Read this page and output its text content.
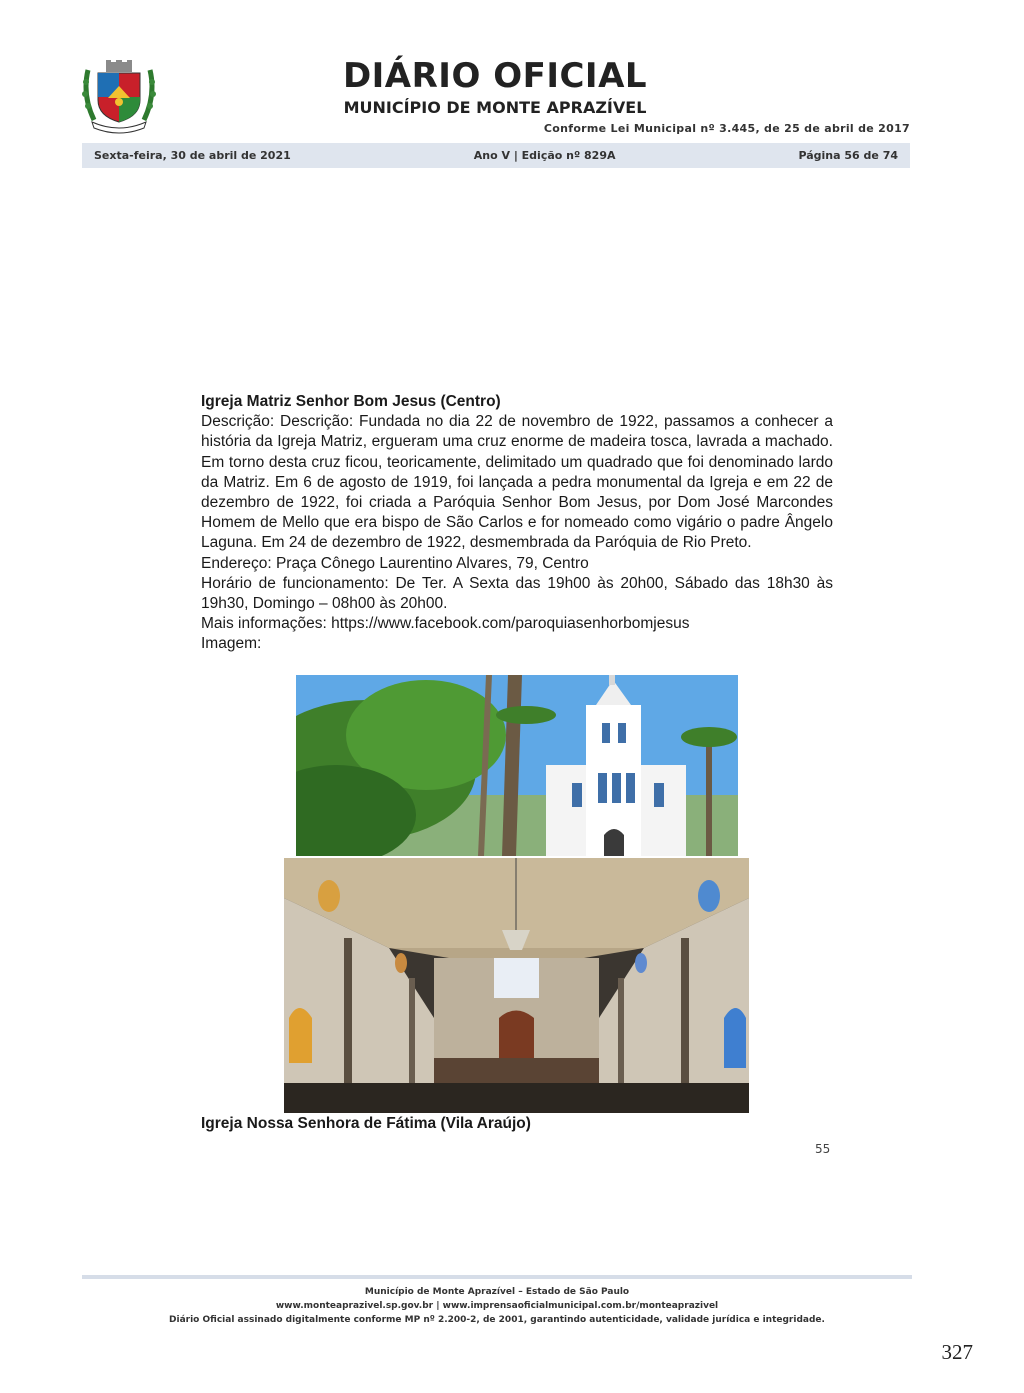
DIÁRIO OFICIAL
MUNICÍPIO DE MONTE APRAZÍVEL
Conforme Lei Municipal nº 3.445, de 25 de abril de 2017
Sexta-feira, 30 de abril de 2021	Ano V | Edição nº 829A	Página 56 de 74
Igreja Matriz Senhor Bom Jesus (Centro)
Descrição: Descrição: Fundada no dia 22 de novembro de 1922, passamos a conhecer a história da Igreja Matriz, ergueram uma cruz enorme de madeira tosca, lavrada a machado. Em torno desta cruz ficou, teoricamente, delimitado um quadrado que foi denominado lardo da Matriz. Em 6 de agosto de 1919, foi lançada a pedra monumental da Igreja e em 22 de dezembro de 1922, foi criada a Paróquia Senhor Bom Jesus, por Dom José Marcondes Homem de Mello que era bispo de São Carlos e for nomeado como vigário o padre Ângelo Laguna. Em 24 de dezembro de 1922, desmembrada da Paróquia de Rio Preto.
Endereço: Praça Cônego Laurentino Alvares, 79, Centro
Horário de funcionamento: De Ter. A Sexta das 19h00 às 20h00, Sábado das 18h30 às 19h30, Domingo – 08h00 às 20h00.
Mais informações: https://www.facebook.com/paroquiasenhorbomjesus
Imagem:
Igreja Nossa Senhora de Fátima (Vila Araújo)
55
Município de Monte Aprazível – Estado de São Paulo
www.monteaprazivel.sp.gov.br | www.imprensaoficialmunicipal.com.br/monteaprazivel
Diário Oficial assinado digitalmente conforme MP nº 2.200-2, de 2001, garantindo autenticidade, validade jurídica e integridade.
327
